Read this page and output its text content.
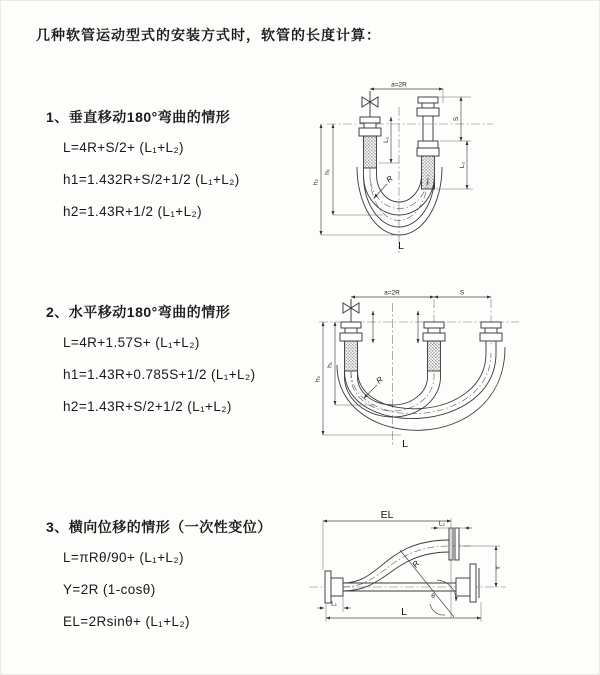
几种软管运动型式的安装方式时，软管的长度计算：

1、垂直移动180°弯曲的情形

L=4R+S/2+ (L₁+L₂)

h1=1.432R+S/2+1/2 (L₁+L₂)

h2=1.43R+1/2 (L₁+L₂)

a=2R
h₁
h₂
L₁
S
L₂
R
L

2、水平移动180°弯曲的情形

L=4R+1.57S+ (L₁+L₂)

h1=1.43R+0.785S+1/2 (L₁+L₂)

h2=1.43R+S/2+1/2 (L₁+L₂)

a=2R	S
h₁
h₂	R
L

3、横向位移的情形（一次性变位）

L=πRθ/90+ (L₁+L₂)

Y=2R (1-cosθ)

EL=2Rsinθ+ (L₁+L₂)

EL
L₂
Y
R
θ
L
L₁
